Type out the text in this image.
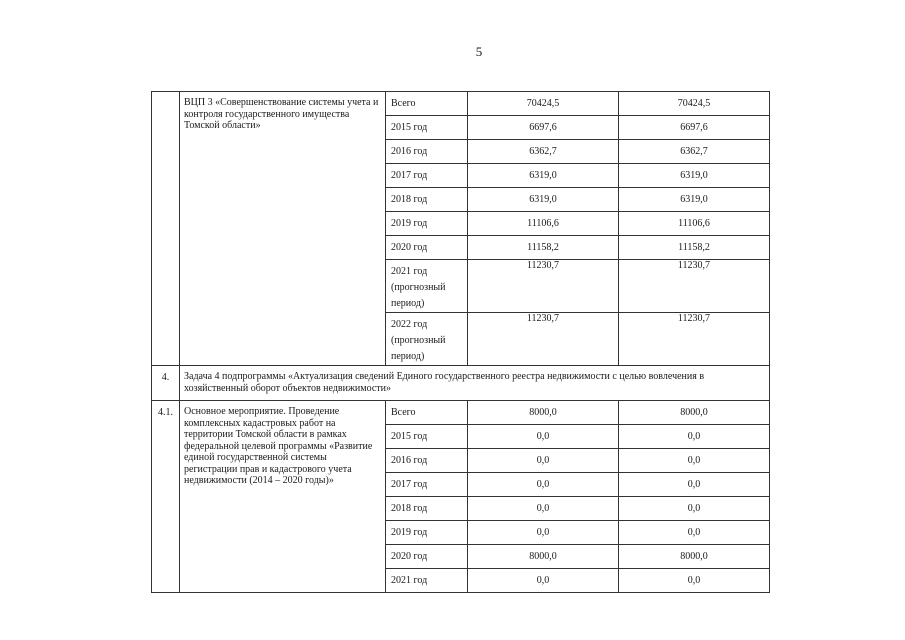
5

	ВЦП 3 «Совершенствование системы учета и контроля государственного имущества Томской области»	Всего	70424,5	70424,5

		2015 год	6697,6	6697,6

		2016 год	6362,7	6362,7

		2017 год	6319,0	6319,0

		2018 год	6319,0	6319,0

		2019 год	11106,6	11106,6

		2020 год	11158,2	11158,2

		2021 год (прогнозный период)	11230,7	11230,7

		2022 год (прогнозный период)	11230,7	11230,7

4.	Задача 4 подпрограммы «Актуализация сведений Единого государственного реестра недвижимости с целью вовлечения в хозяйственный оборот объектов недвижимости»			

4.1.	Основное мероприятие. Проведение комплексных кадастровых работ на территории Томской области в рамках федеральной целевой программы «Развитие единой государственной системы регистрации прав и кадастрового учета недвижимости (2014 – 2020 годы)»	Всего	8000,0	8000,0

		2015 год	0,0	0,0

		2016 год	0,0	0,0

		2017 год	0,0	0,0

		2018 год	0,0	0,0

		2019 год	0,0	0,0

		2020 год	8000,0	8000,0

		2021 год	0,0	0,0
